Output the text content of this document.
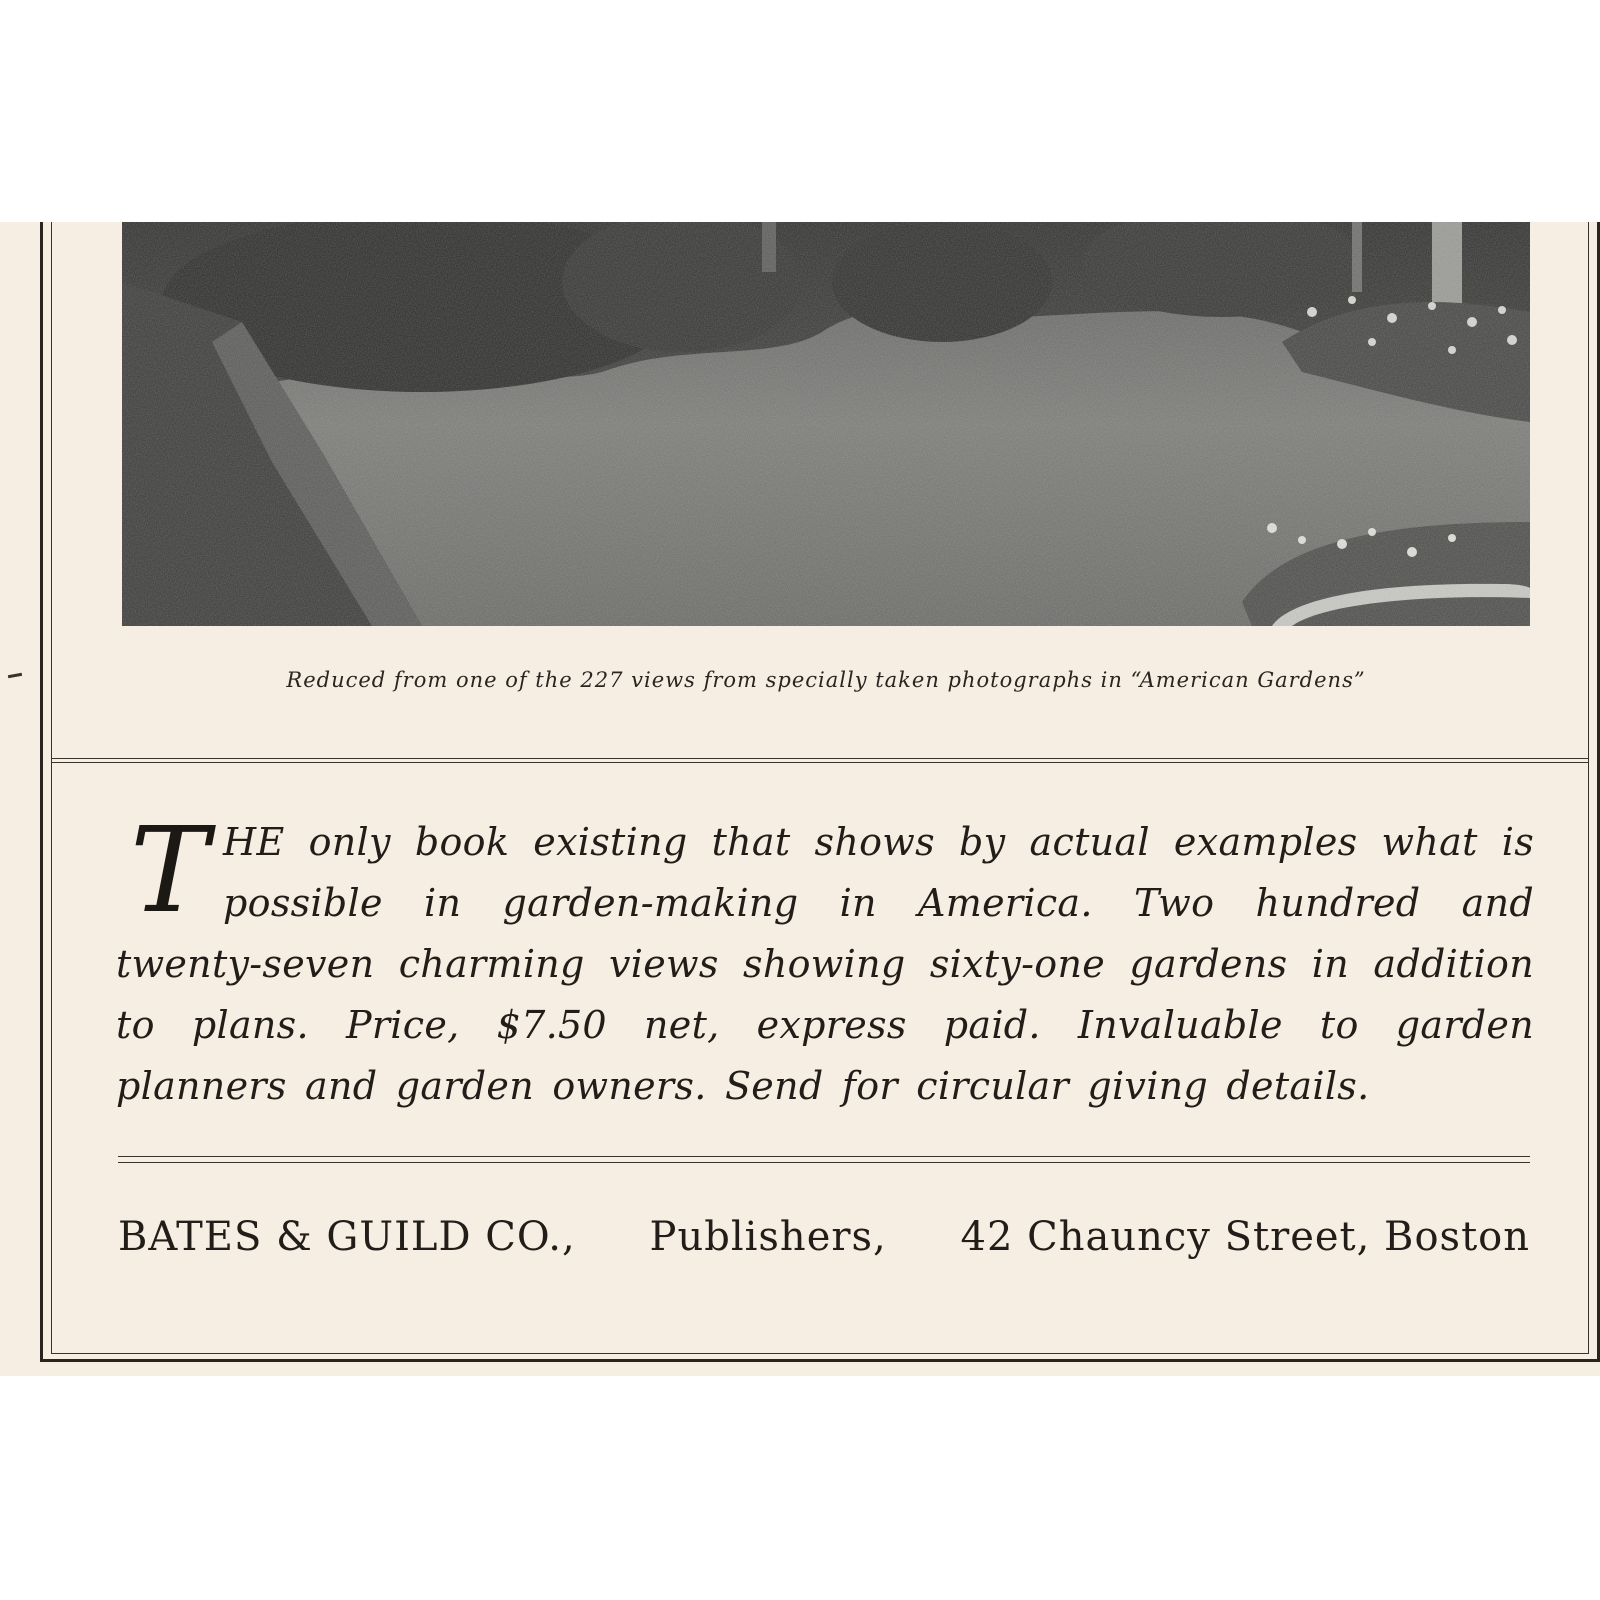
Reduced from one of the 227 views from specially taken photographs in “American Gardens”
THE only book existing that shows by actual examples what is possible in garden-making in America. Two hundred and twenty-seven charming views showing sixty-one gardens in addition to plans. Price, $7.50 net, express paid. Invaluable to garden planners and garden owners. Send for circular giving details.
BATES & GUILD CO., Publishers, 42 Chauncy Street, Boston
